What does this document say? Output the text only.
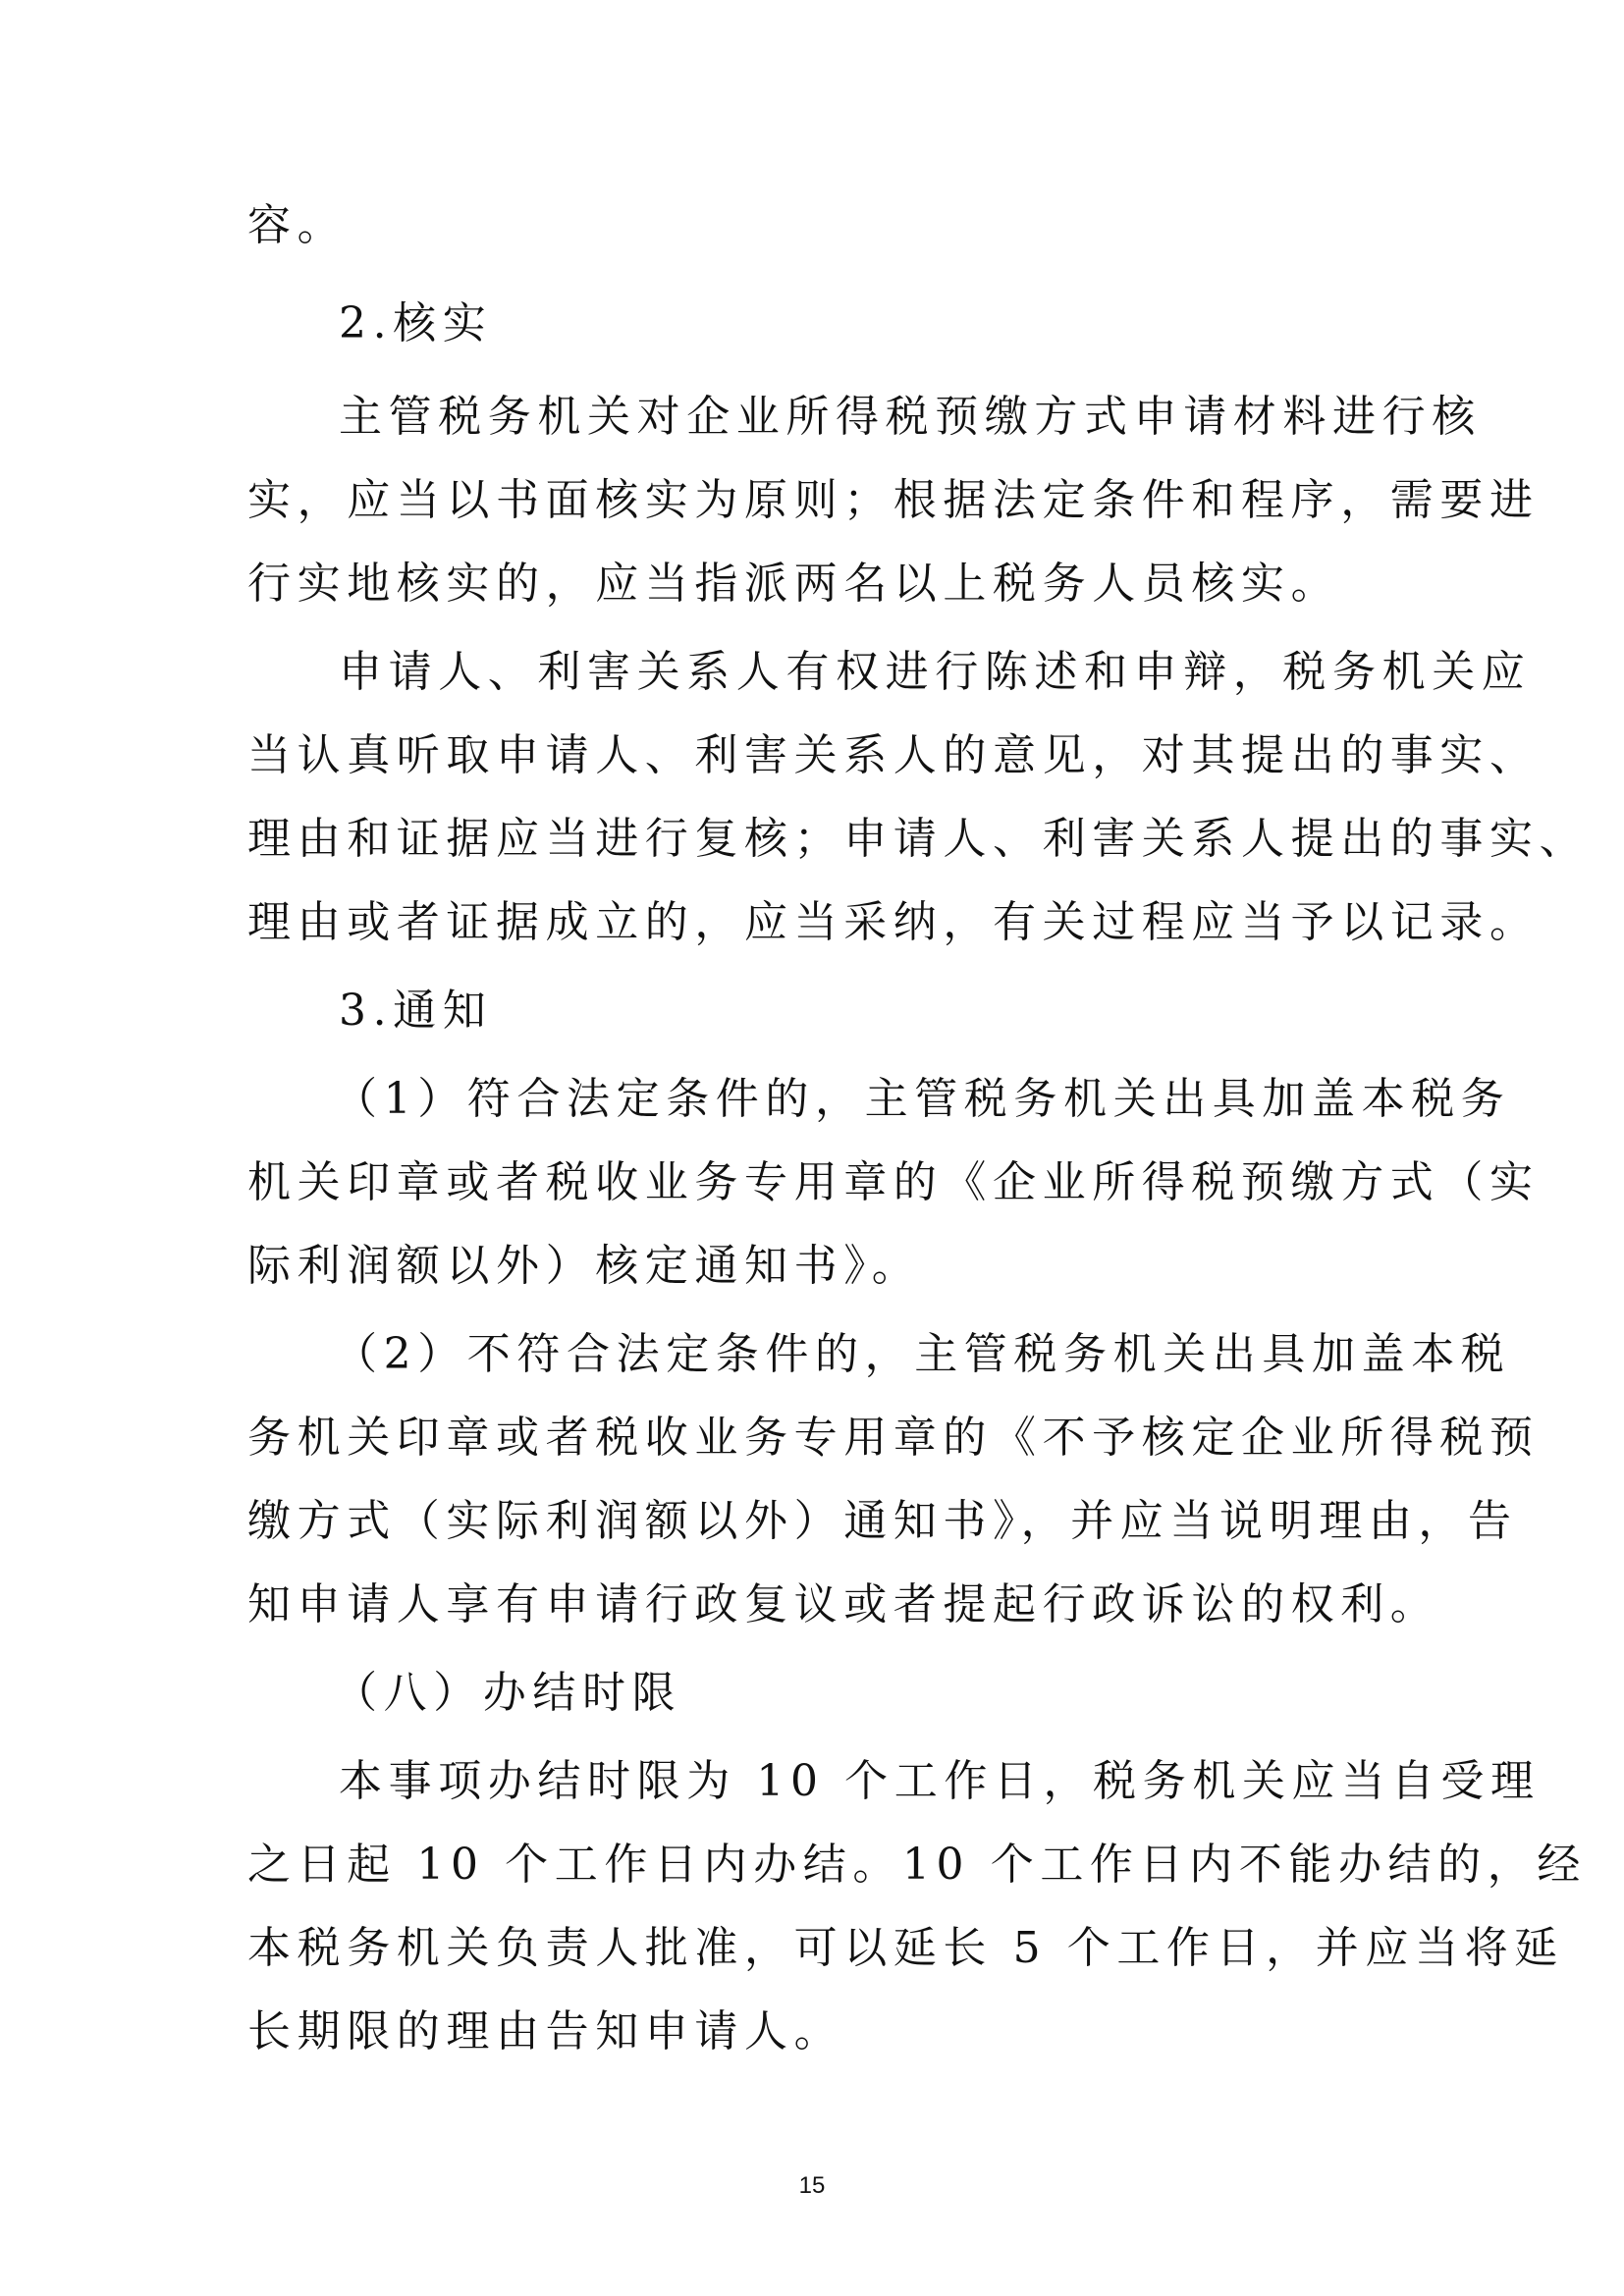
容。
2.核实
主管税务机关对企业所得税预缴方式申请材料进行核
实，应当以书面核实为原则；根据法定条件和程序，需要进
行实地核实的，应当指派两名以上税务人员核实。
申请人、利害关系人有权进行陈述和申辩，税务机关应
当认真听取申请人、利害关系人的意见，对其提出的事实、
理由和证据应当进行复核；申请人、利害关系人提出的事实、
理由或者证据成立的，应当采纳，有关过程应当予以记录。
3.通知
（1）符合法定条件的，主管税务机关出具加盖本税务
机关印章或者税收业务专用章的《企业所得税预缴方式（实
际利润额以外）核定通知书》。
（2）不符合法定条件的，主管税务机关出具加盖本税
务机关印章或者税收业务专用章的《不予核定企业所得税预
缴方式（实际利润额以外）通知书》，并应当说明理由，告
知申请人享有申请行政复议或者提起行政诉讼的权利。
（八）办结时限
本事项办结时限为 10 个工作日，税务机关应当自受理
之日起 10 个工作日内办结。10 个工作日内不能办结的，经
本税务机关负责人批准，可以延长 5 个工作日，并应当将延
长期限的理由告知申请人。
15
